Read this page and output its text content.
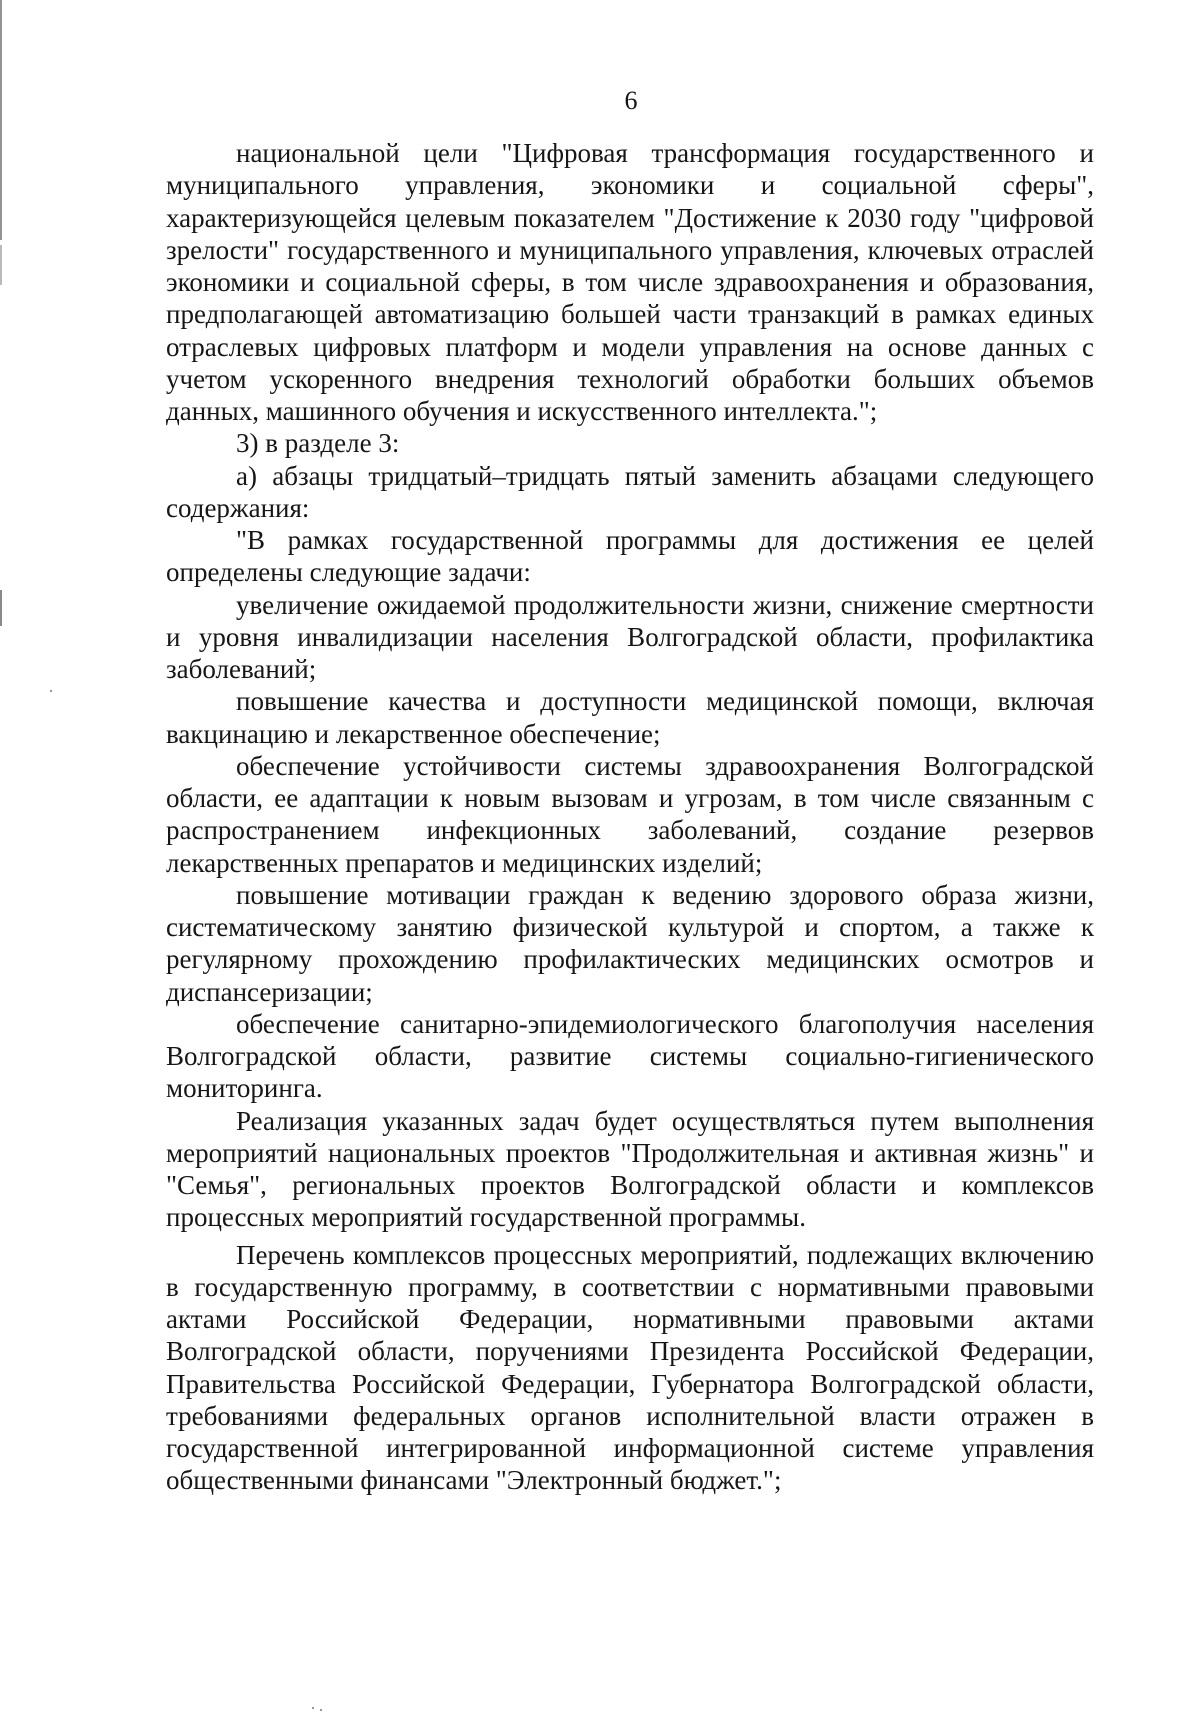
6

национальной цели "Цифровая трансформация государственного и муниципального управления, экономики и социальной сферы", характеризующейся целевым показателем "Достижение к 2030 году "цифровой зрелости" государственного и муниципального управления, ключевых отраслей экономики и социальной сферы, в том числе здравоохранения и образования, предполагающей автоматизацию большей части транзакций в рамках единых отраслевых цифровых платформ и модели управления на основе данных с учетом ускоренного внедрения технологий обработки больших объемов данных, машинного обучения и искусственного интеллекта.";

3) в разделе 3:

а) абзацы тридцатый–тридцать пятый заменить абзацами следующего содержания:

"В рамках государственной программы для достижения ее целей определены следующие задачи:

увеличение ожидаемой продолжительности жизни, снижение смертности и уровня инвалидизации населения Волгоградской области, профилактика заболеваний;

повышение качества и доступности медицинской помощи, включая вакцинацию и лекарственное обеспечение;

обеспечение устойчивости системы здравоохранения Волгоградской области, ее адаптации к новым вызовам и угрозам, в том числе связанным с распространением инфекционных заболеваний, создание резервов лекарственных препаратов и медицинских изделий;

повышение мотивации граждан к ведению здорового образа жизни, систематическому занятию физической культурой и спортом, а также к регулярному прохождению профилактических медицинских осмотров и диспансеризации;

обеспечение санитарно-эпидемиологического благополучия населения Волгоградской области, развитие системы социально-гигиенического мониторинга.

Реализация указанных задач будет осуществляться путем выполнения мероприятий национальных проектов "Продолжительная и активная жизнь" и "Семья", региональных проектов Волгоградской области и комплексов процессных мероприятий государственной программы.

Перечень комплексов процессных мероприятий, подлежащих включению в государственную программу, в соответствии с нормативными правовыми актами Российской Федерации, нормативными правовыми актами Волгоградской области, поручениями Президента Российской Федерации, Правительства Российской Федерации, Губернатора Волгоградской области, требованиями федеральных органов исполнительной власти отражен в государственной интегрированной информационной системе управления общественными финансами "Электронный бюджет.";
